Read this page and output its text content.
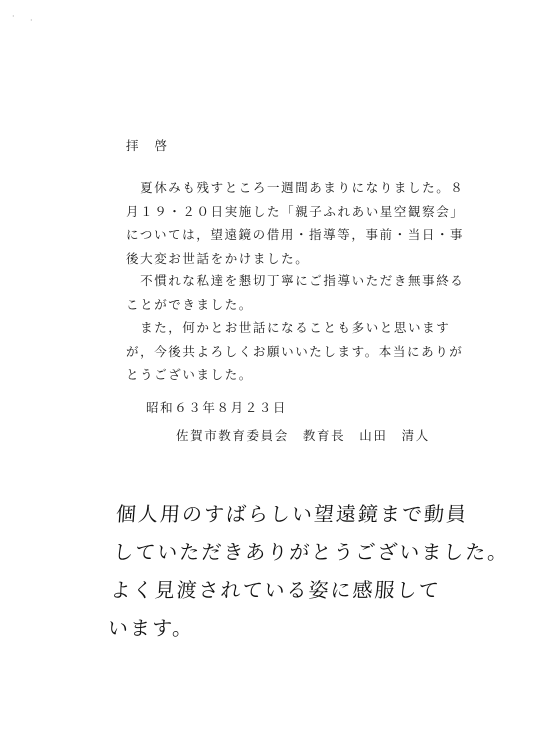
· ·
拝 啓
　夏休みも残すところ一週間あまりになりました。８月１９・２０日実施した「親子ふれあい星空観察会」については，望遠鏡の借用・指導等，事前・当日・事後大変お世話をかけました。
　不慣れな私達を懇切丁寧にご指導いただき無事終ることができました。
　また，何かとお世話になることも多いと思いますが，今後共よろしくお願いいたします。本当にありがとうございました。
昭和６３年８月２３日
佐賀市教育委員会　教育長　山田　清人
個人用のすばらしい望遠鏡まで動員
していただきありがとうございました。
よく見渡されている姿に感服して
います。
